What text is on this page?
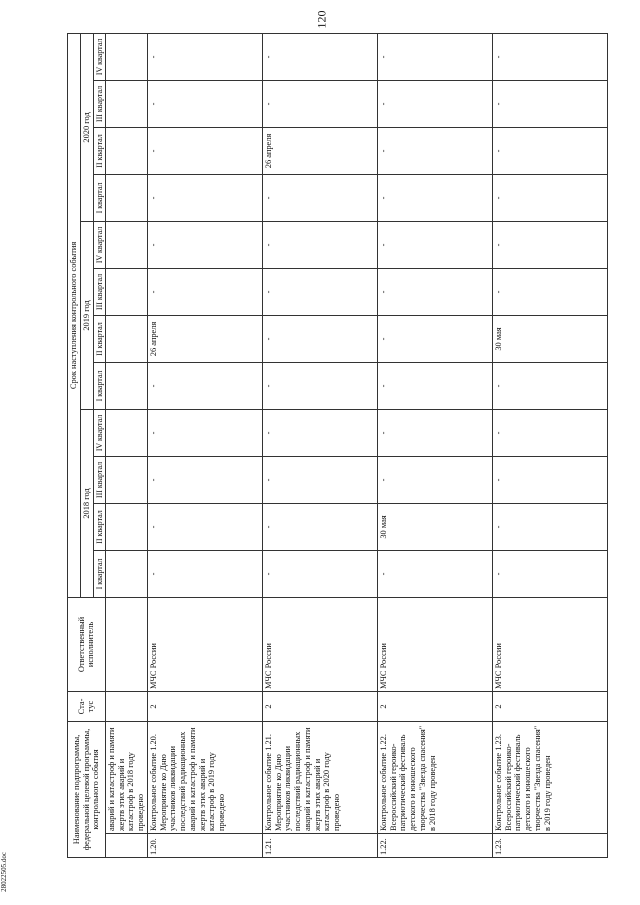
120
Наименование подпрограммы, федеральной целевой программы, контрольного события		Ста- тус	Ответственный исполнитель	Срок наступления контрольного события											
				2018 год				2019 год				2020 год			
				I квартал	II квартал	III квартал	IV квартал	I квартал	II квартал	III квартал	IV квартал	I квартал	II квартал	III квартал	IV квартал
	аварий и катастроф и памяти жертв этих аварий и катастроф в 2018 году проведено														
1.20.	Контрольное событие 1.20. Мероприятие ко Дню участников ликвидации последствий радиационных аварий и катастроф и памяти жертв этих аварий и катастроф в 2019 году проведено	2	МЧС России	-	-	-	-	-	26 апреля	-	-	-	-	-	-
1.21.	Контрольное событие 1.21. Мероприятие ко Дню участников ликвидации последствий радиационных аварий и катастроф и памяти жертв этих аварий и катастроф в 2020 году проведено	2	МЧС России	-	-	-	-	-	-	-	-	-	26 апреля	-	-
1.22.	Контрольное событие 1.22. Всероссийский героико-патриотический фестиваль детского и юношеского творчества "Звезда спасения" в 2018 году проведен	2	МЧС России	-	30 мая	-	-	-	-	-	-	-	-	-	-
1.23.	Контрольное событие 1.23. Всероссийский героико-патриотический фестиваль детского и юношеского творчества "Звезда спасения" в 2019 году проведен	2	МЧС России	-	-	-	-	-	30 мая	-	-	-	-	-	-
28022505.doc
